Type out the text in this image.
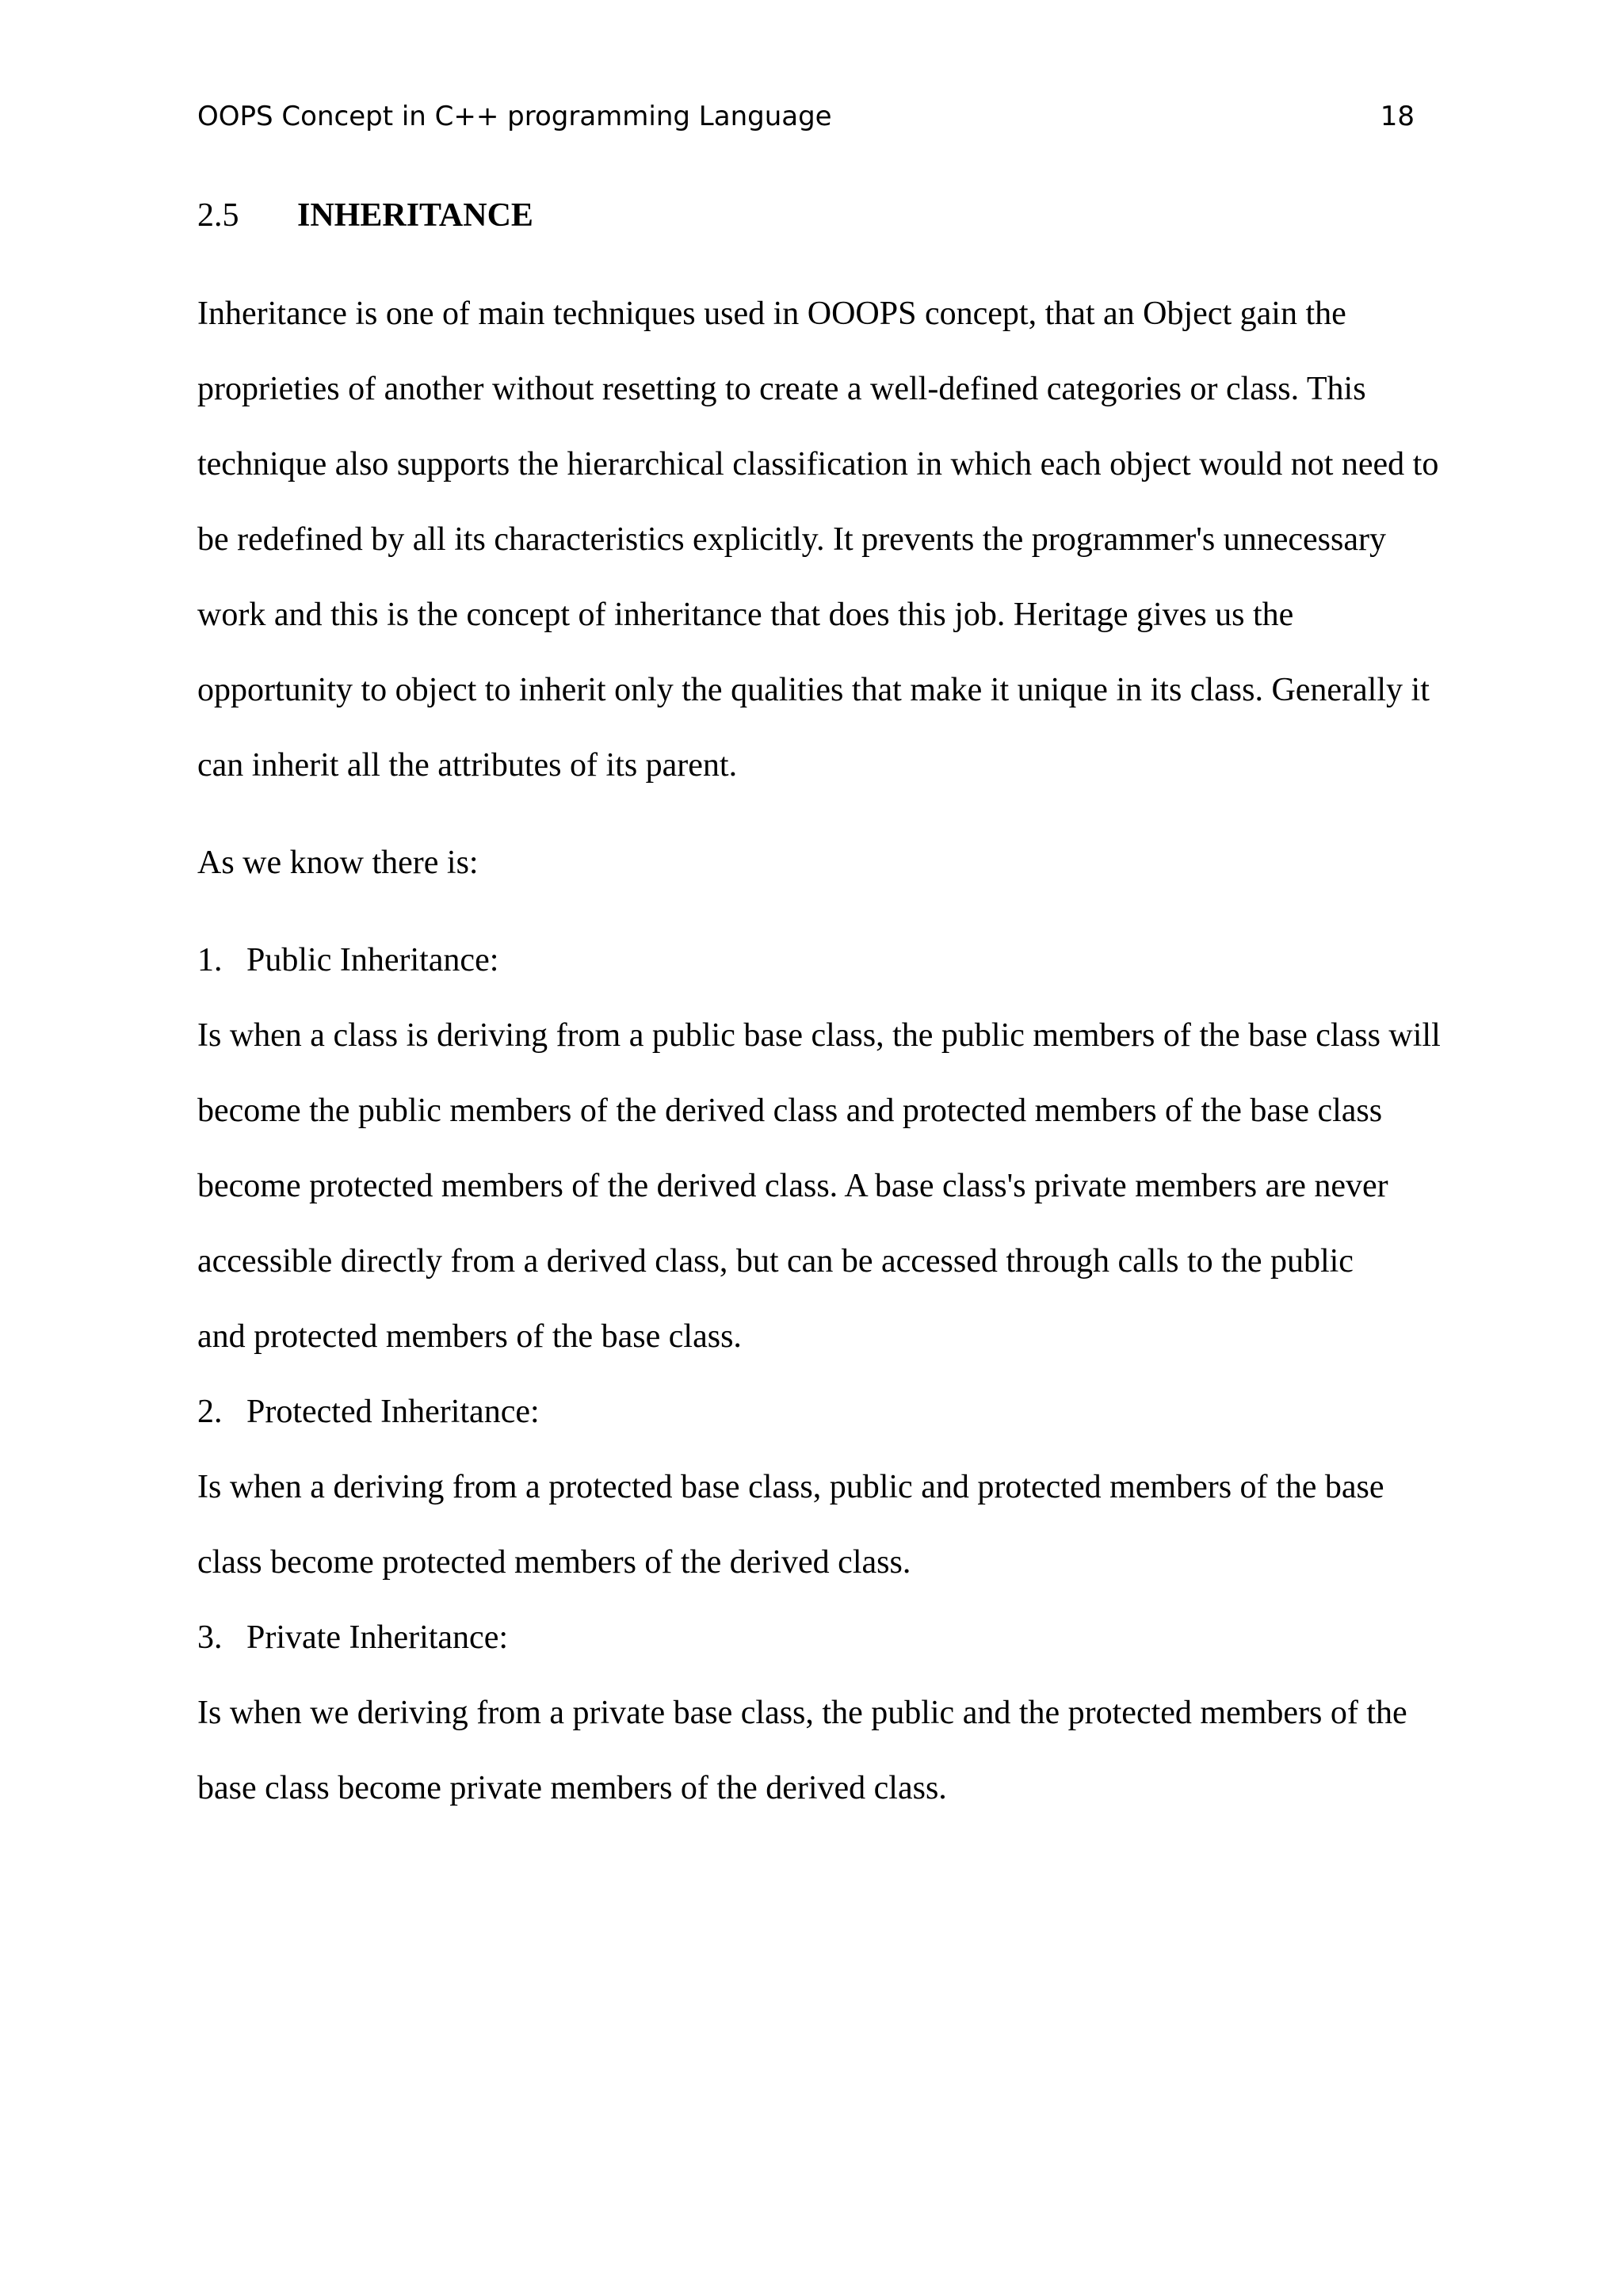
OOPS Concept in C++ programming Language	18
2.5 INHERITANCE
Inheritance is one of main techniques used in OOOPS concept, that an Object gain the
proprieties of another without resetting to create a well-defined categories or class. This
technique also supports the hierarchical classification in which each object would not need to
be redefined by all its characteristics explicitly. It prevents the programmer's unnecessary
work and this is the concept of inheritance that does this job. Heritage gives us the
opportunity to object to inherit only the qualities that make it unique in its class. Generally it
can inherit all the attributes of its parent.
As we know there is:
1. Public Inheritance:
Is when a class is deriving from a public base class, the public members of the base class will
become the public members of the derived class and protected members of the base class
become protected members of the derived class. A base class's private members are never
accessible directly from a derived class, but can be accessed through calls to the public
and protected members of the base class.
2. Protected Inheritance:
Is when a deriving from a protected base class, public and protected members of the base
class become protected members of the derived class.
3. Private Inheritance:
Is when we deriving from a private base class, the public and the protected members of the
base class become private members of the derived class.
